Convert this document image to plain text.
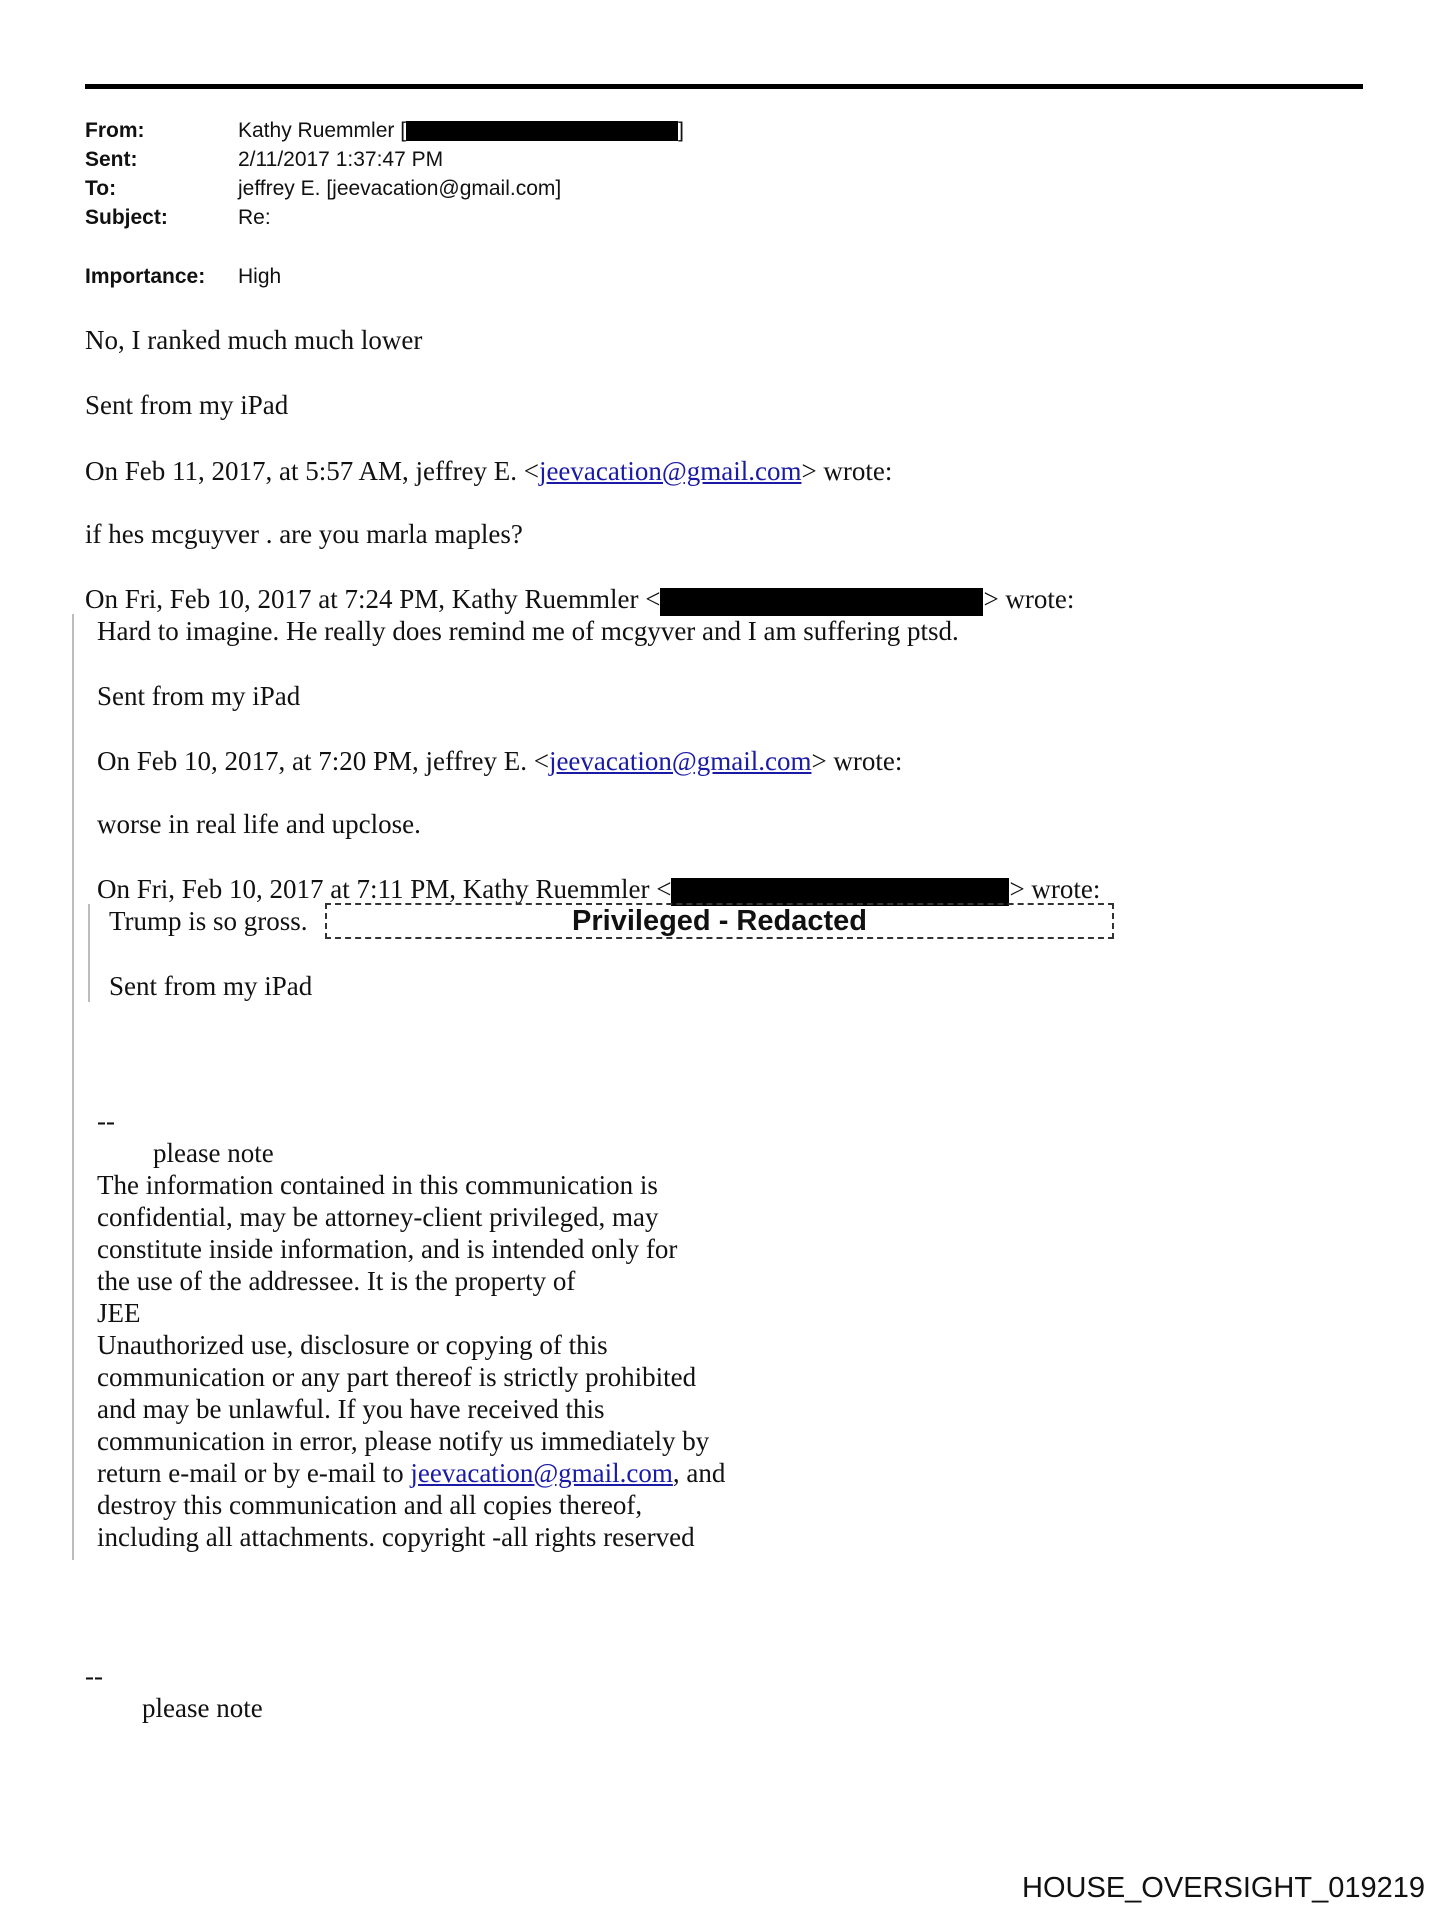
From:	Kathy Ruemmler [	]
Sent:	2/11/2017 1:37:47 PM
To:	jeffrey E. [jeevacation@gmail.com]
Subject:	Re:
Importance:	High
No, I ranked much much lower
Sent from my iPad
On Feb 11, 2017, at 5:57 AM, jeffrey E. <jeevacation@gmail.com> wrote:
if hes mcguyver . are you marla maples?
On Fri, Feb 10, 2017 at 7:24 PM, Kathy Ruemmler <	> wrote:
Hard to imagine. He really does remind me of mcgyver and I am suffering ptsd.
Sent from my iPad
On Feb 10, 2017, at 7:20 PM, jeffrey E. <jeevacation@gmail.com> wrote:
worse in real life and upclose.
On Fri, Feb 10, 2017 at 7:11 PM, Kathy Ruemmler <	> wrote:
Trump is so gross.	Privileged - Redacted
Sent from my iPad
--
please note
The information contained in this communication is
confidential, may be attorney-client privileged, may
constitute inside information, and is intended only for
the use of the addressee. It is the property of
JEE
Unauthorized use, disclosure or copying of this
communication or any part thereof is strictly prohibited
and may be unlawful. If you have received this
communication in error, please notify us immediately by
return e-mail or by e-mail to jeevacation@gmail.com, and
destroy this communication and all copies thereof,
including all attachments. copyright -all rights reserved
--
please note
HOUSE_OVERSIGHT_019219
